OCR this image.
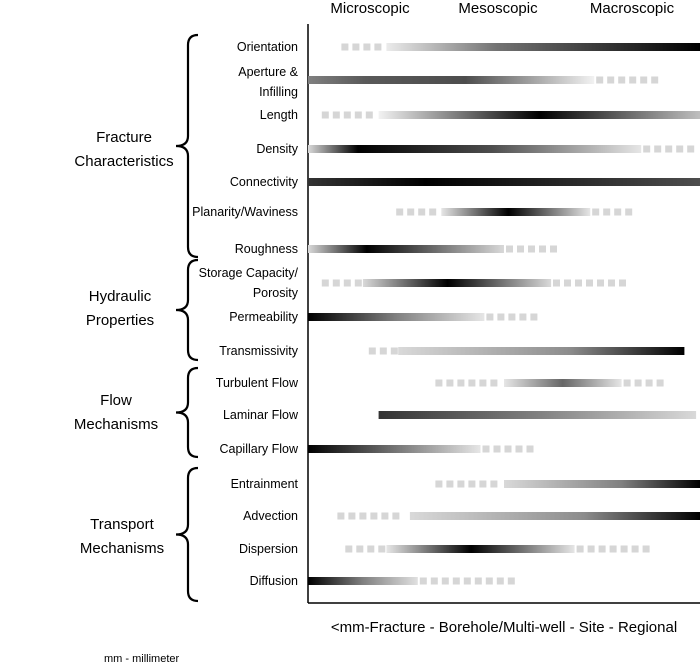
Microscopic	Mesoscopic	Macroscopic
Fracture
Characteristics
Hydraulic
Properties
Flow
Mechanisms
Transport
Mechanisms
Orientation
Aperture &
Infilling
Length
Density
Connectivity
Planarity/Waviness
Roughness
Storage Capacity/
Porosity
Permeability
Transmissivity
Turbulent Flow
Laminar Flow
Capillary Flow
Entrainment
Advection
Dispersion
Diffusion
<mm-Fracture - Borehole/Multi-well - Site - Regional
mm - millimeter
